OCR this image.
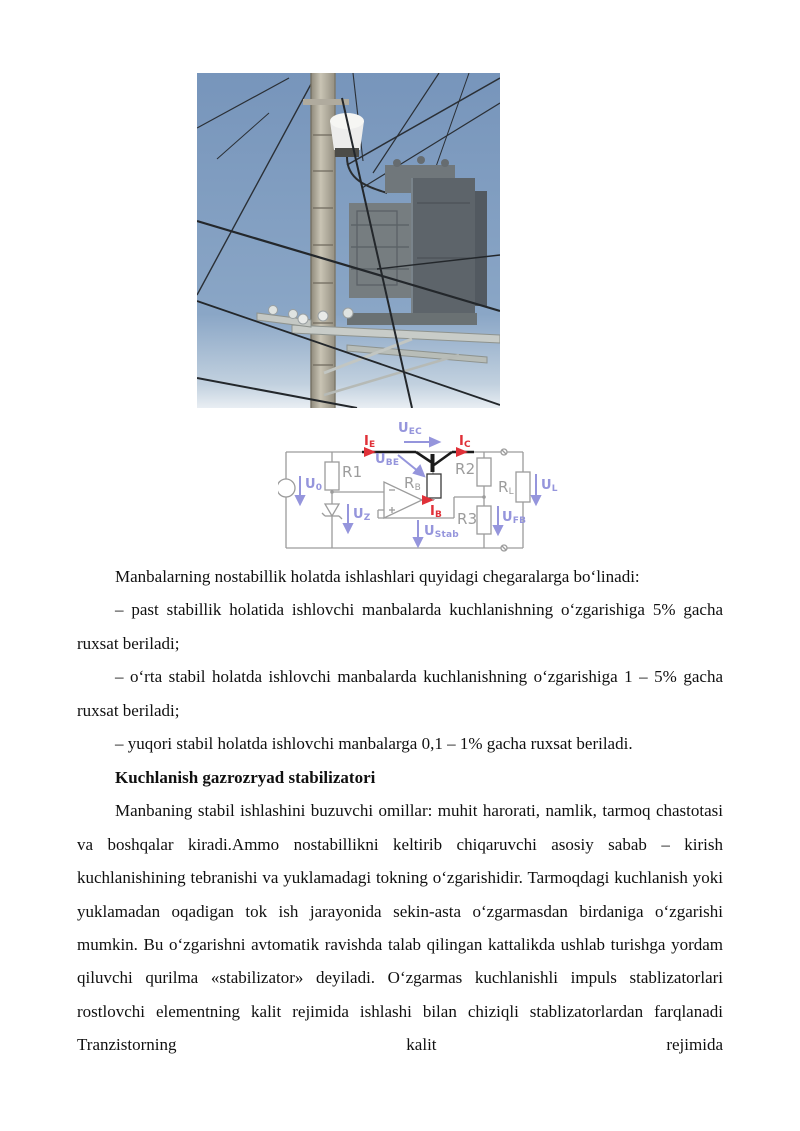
$I_E$
$U_{EC}$
$I_C$
$U_{BE}$
$I_B$
$U_0$
$U_Z$
$U_{Stab}$
$U_{FB}$
$U_L$
R1
$R_B$
R2
R3
$R_L$

Manbalarning nostabillik holatda ishlashlari quyidagi chegaralarga bo‘linadi:

– past stabillik holatida ishlovchi manbalarda kuchlanishning o‘zgarishiga 5% gacha ruxsat beriladi;

– o‘rta stabil holatda ishlovchi manbalarda kuchlanishning o‘zgarishiga 1 – 5% gacha ruxsat beriladi;

– yuqori stabil holatda ishlovchi manbalarga 0,1 – 1% gacha ruxsat beriladi.

Kuchlanish gazrozryad stabilizatori

Manbaning stabil ishlashini buzuvchi omillar: muhit harorati, namlik, tarmoq chastotasi va boshqalar kiradi.Ammo nostabillikni keltirib chiqaruvchi asosiy sabab – kirish kuchlanishining tebranishi va yuklamadagi tokning o‘zgarishidir. Tarmoqdagi kuchlanish yoki yuklamadan oqadigan tok ish jarayonida sekin-asta o‘zgarmasdan birdaniga o‘zgarishi mumkin. Bu o‘zgarishni avtomatik ravishda talab qilingan kattalikda ushlab turishga yordam qiluvchi qurilma «stabilizator» deyiladi. O‘zgarmas kuchlanishli impuls stablizatorlari rostlovchi elementning kalit rejimida ishlashi bilan chiziqli stablizatorlardan farqlanadi Tranzistorning kalit rejimida
